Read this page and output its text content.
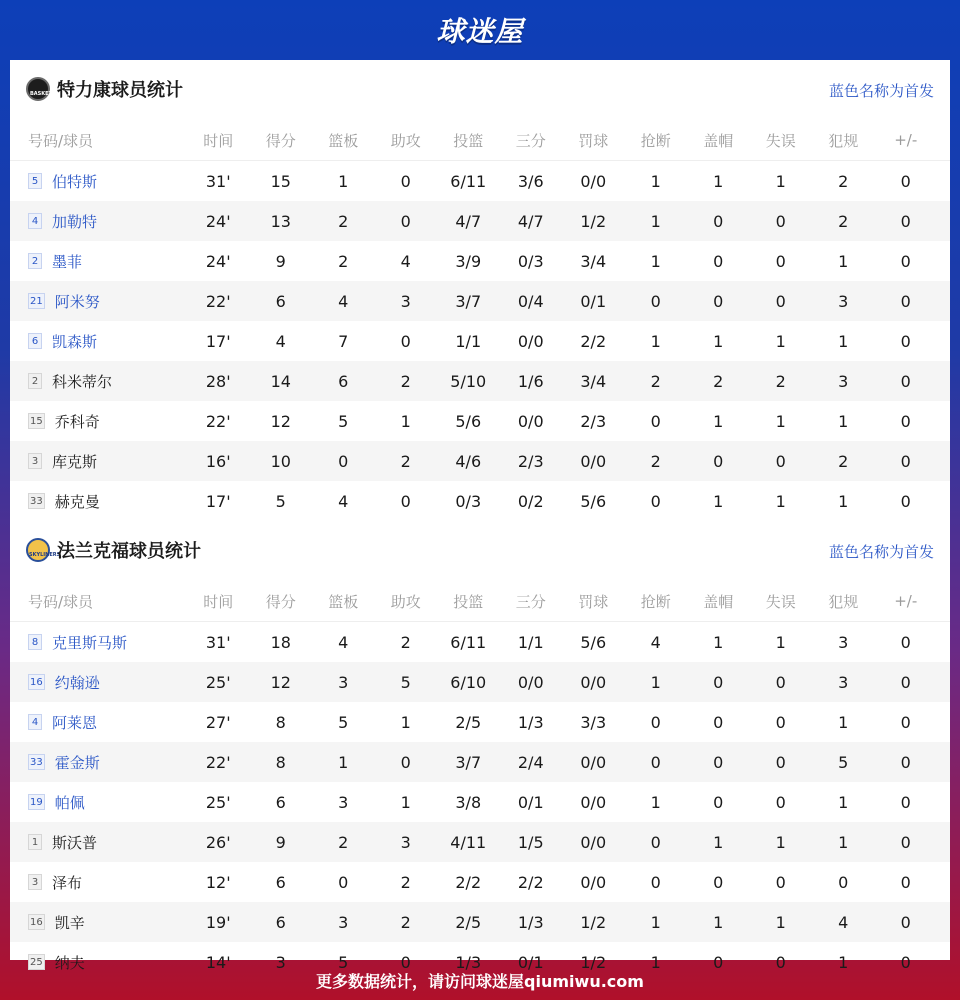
球迷屋
BASKETS 特力康球员统计	蓝色名称为首发
号码/球员	时间	得分	篮板	助攻	投篮	三分	罚球	抢断	盖帽	失误	犯规	+/-
5 伯特斯	31'	15	1	0	6/11	3/6	0/0	1	1	1	2	0
4 加勒特	24'	13	2	0	4/7	4/7	1/2	1	0	0	2	0
2 墨菲	24'	9	2	4	3/9	0/3	3/4	1	0	0	1	0
21 阿米努	22'	6	4	3	3/7	0/4	0/1	0	0	0	3	0
6 凯森斯	17'	4	7	0	1/1	0/0	2/2	1	1	1	1	0
2 科米蒂尔	28'	14	6	2	5/10	1/6	3/4	2	2	2	3	0
15 乔科奇	22'	12	5	1	5/6	0/0	2/3	0	1	1	1	0
3 库克斯	16'	10	0	2	4/6	2/3	0/0	2	0	0	2	0
33 赫克曼	17'	5	4	0	0/3	0/2	5/6	0	1	1	1	0
SKYLINERS
法兰克福球员统计	蓝色名称为首发
号码/球员	时间	得分	篮板	助攻	投篮	三分	罚球	抢断	盖帽	失误	犯规	+/-
8 克里斯马斯	31'	18	4	2	6/11	1/1	5/6	4	1	1	3	0
16 约翰逊	25'	12	3	5	6/10	0/0	0/0	1	0	0	3	0
4 阿莱恩	27'	8	5	1	2/5	1/3	3/3	0	0	0	1	0
33 霍金斯	22'	8	1	0	3/7	2/4	0/0	0	0	0	5	0
19 帕佩	25'	6	3	1	3/8	0/1	0/0	1	0	0	1	0
1 斯沃普	26'	9	2	3	4/11	1/5	0/0	0	1	1	1	0
3 泽布	12'	6	0	2	2/2	2/2	0/0	0	0	0	0	0
16 凯辛	19'	6	3	2	2/5	1/3	1/2	1	1	1	4	0
25 纳夫	14'	3	5	0	1/3	0/1	1/2	1	0	0	1	0
更多数据统计，请访问球迷屋qiumiwu.com
